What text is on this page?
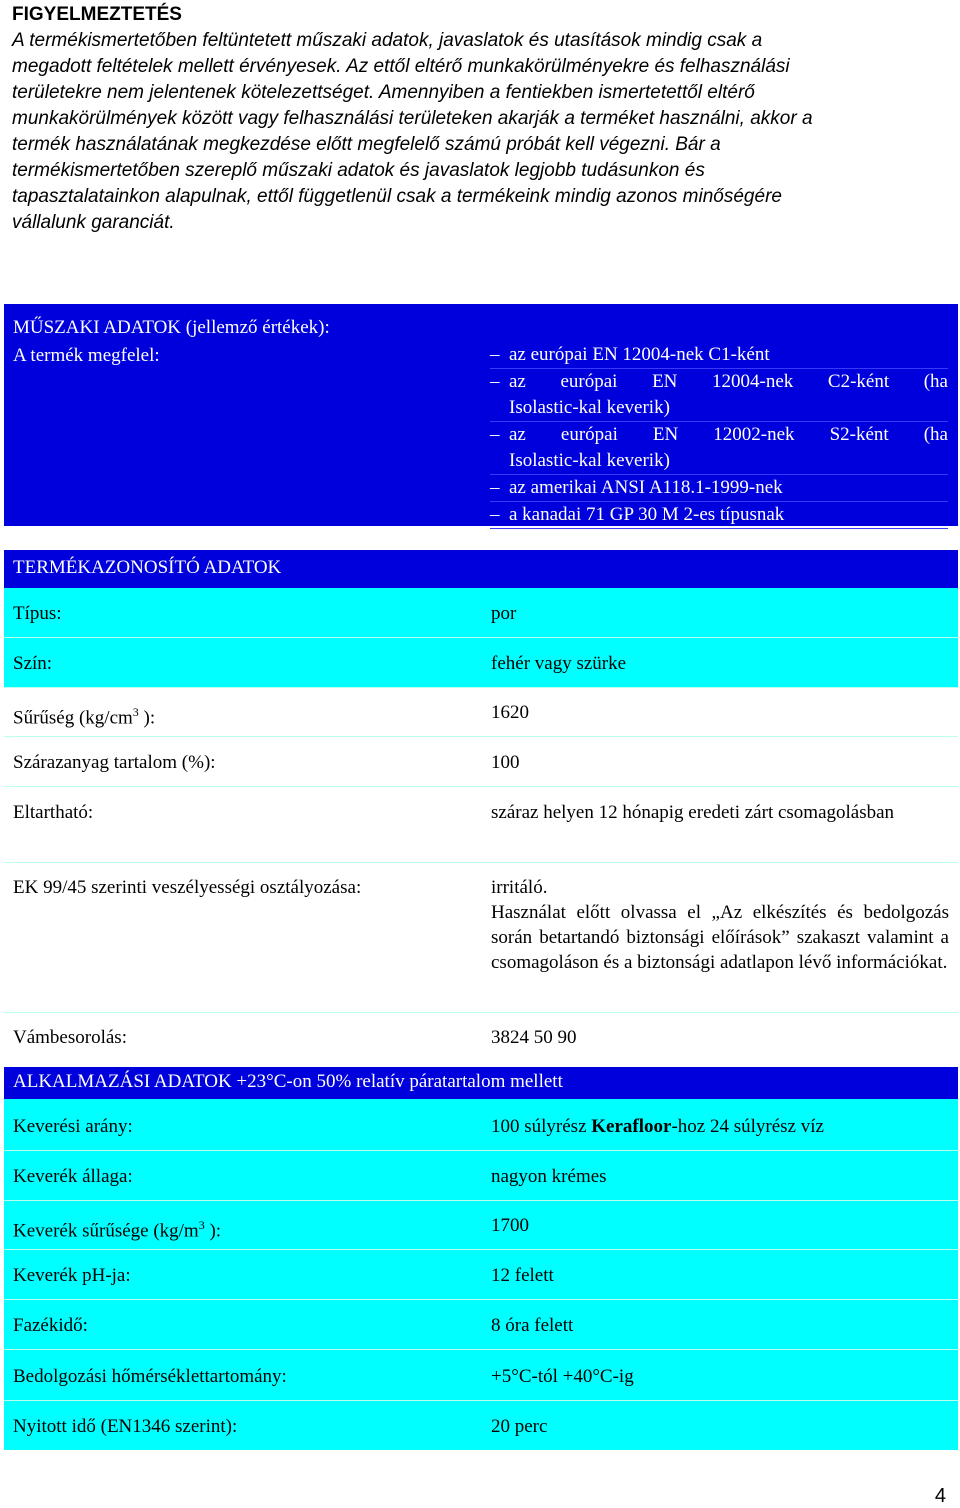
FIGYELMEZTETÉS

A termékismertetőben feltüntetett műszaki adatok, javaslatok és utasítások mindig csak a
megadott feltételek mellett érvényesek. Az ettől eltérő munkakörülményekre és felhasználási
területekre nem jelentenek kötelezettséget. Amennyiben a fentiekben ismertetettől eltérő
munkakörülmények között vagy felhasználási területeken akarják a terméket használni, akkor a
termék használatának megkezdése előtt megfelelő számú próbát kell végezni. Bár a
termékismertetőben szereplő műszaki adatok és javaslatok legjobb tudásunkon és
tapasztalatainkon alapulnak, ettől függetlenül csak a termékeink mindig azonos minőségére
vállalunk garanciát.

MŰSZAKI ADATOK (jellemző értékek):
A termék megfelel:	– az európai EN 12004-nek C1-ként
– az európai EN 12004-nek C2-ként (ha
Isolastic-kal keverik)
– az európai EN 12002-nek S2-ként (ha
Isolastic-kal keverik)
– az amerikai ANSI A118.1-1999-nek
– a kanadai 71 GP 30 M 2-es típusnak
TERMÉKAZONOSÍTÓ ADATOK
Típus:	por
Szín:	fehér vagy szürke
Sűrűség ($kg/cm^3$ ):	1620
Szárazanyag tartalom (%):	100
Eltartható:	száraz helyen 12 hónapig eredeti zárt csomagolásban
EK 99/45 szerinti veszélyességi osztályozása:	irritáló.
Használat előtt olvassa el „Az elkészítés és bedolgozás során betartandó biztonsági előírások” szakaszt valamint a csomagoláson és a biztonsági adatlapon lévő információkat.
Vámbesorolás:	3824 50 90
ALKALMAZÁSI ADATOK +23°C-on 50% relatív páratartalom mellett
Keverési arány:	100 súlyrész Kerafloor-hoz 24 súlyrész víz
Keverék állaga:	nagyon krémes
Keverék sűrűsége ($kg/m^3$ ):	1700
Keverék pH-ja:	12 felett
Fazékidő:	8 óra felett
Bedolgozási hőmérséklettartomány:	+5°C-tól +40°C-ig
Nyitott idő (EN1346 szerint):	20 perc
4
